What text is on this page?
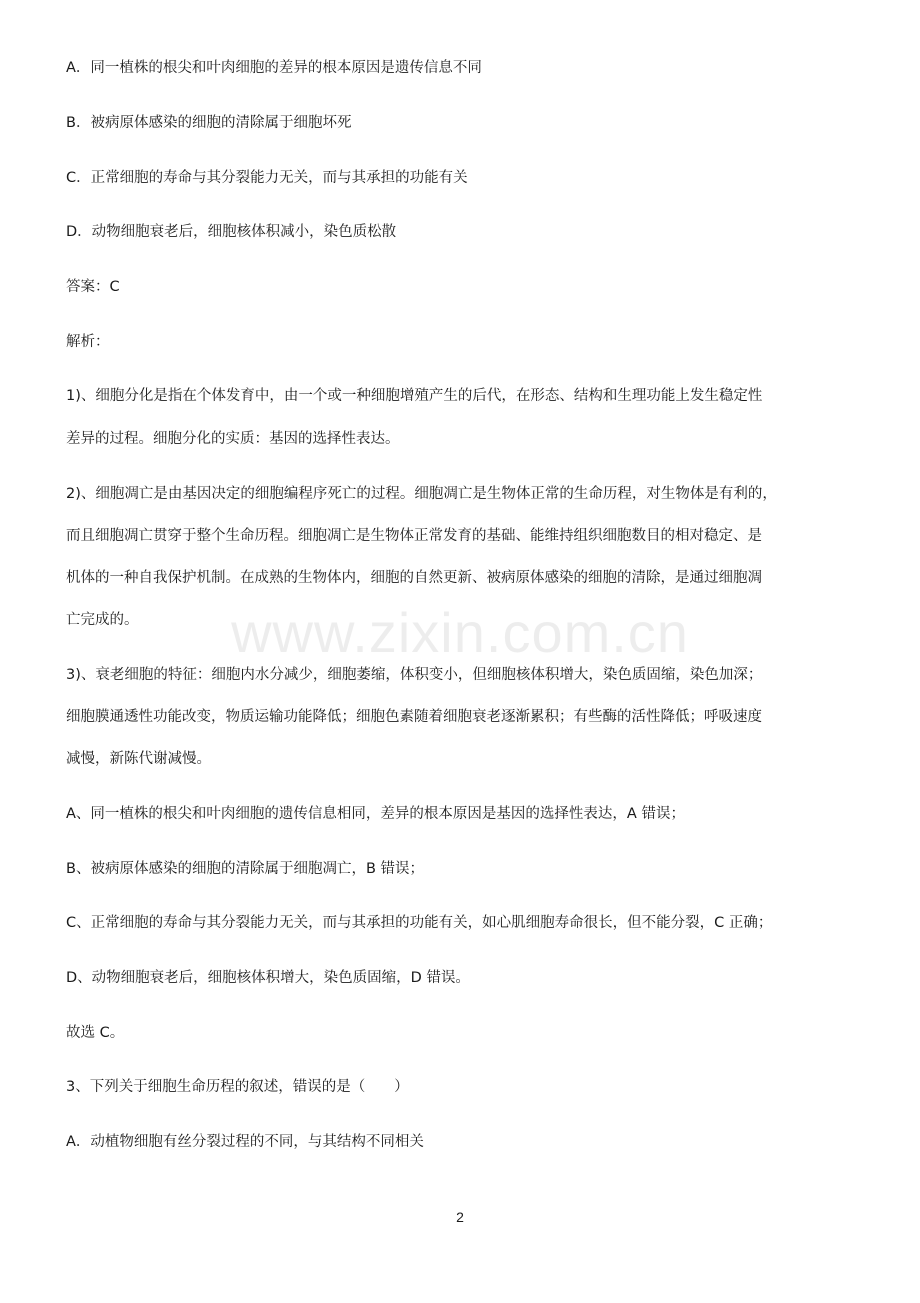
A．同一植株的根尖和叶肉细胞的差异的根本原因是遗传信息不同
B．被病原体感染的细胞的清除属于细胞坏死
C．正常细胞的寿命与其分裂能力无关，而与其承担的功能有关
D．动物细胞衰老后，细胞核体积减小，染色质松散
答案：C
解析：
1)、细胞分化是指在个体发育中，由一个或一种细胞增殖产生的后代，在形态、结构和生理功能上发生稳定性
差异的过程。细胞分化的实质：基因的选择性表达。
2)、细胞凋亡是由基因决定的细胞编程序死亡的过程。细胞凋亡是生物体正常的生命历程，对生物体是有利的，
而且细胞凋亡贯穿于整个生命历程。细胞凋亡是生物体正常发育的基础、能维持组织细胞数目的相对稳定、是
机体的一种自我保护机制。在成熟的生物体内，细胞的自然更新、被病原体感染的细胞的清除，是通过细胞凋
亡完成的。
3)、衰老细胞的特征：细胞内水分减少，细胞萎缩，体积变小，但细胞核体积增大，染色质固缩，染色加深；
细胞膜通透性功能改变，物质运输功能降低；细胞色素随着细胞衰老逐渐累积；有些酶的活性降低；呼吸速度
减慢，新陈代谢减慢。
A、同一植株的根尖和叶肉细胞的遗传信息相同，差异的根本原因是基因的选择性表达，A 错误；
B、被病原体感染的细胞的清除属于细胞凋亡，B 错误；
C、正常细胞的寿命与其分裂能力无关，而与其承担的功能有关，如心肌细胞寿命很长，但不能分裂，C 正确；
D、动物细胞衰老后，细胞核体积增大，染色质固缩，D 错误。
故选 C。
3、下列关于细胞生命历程的叙述，错误的是（　　）
A．动植物细胞有丝分裂过程的不同，与其结构不同相关
www.zixin.com.cn
2
